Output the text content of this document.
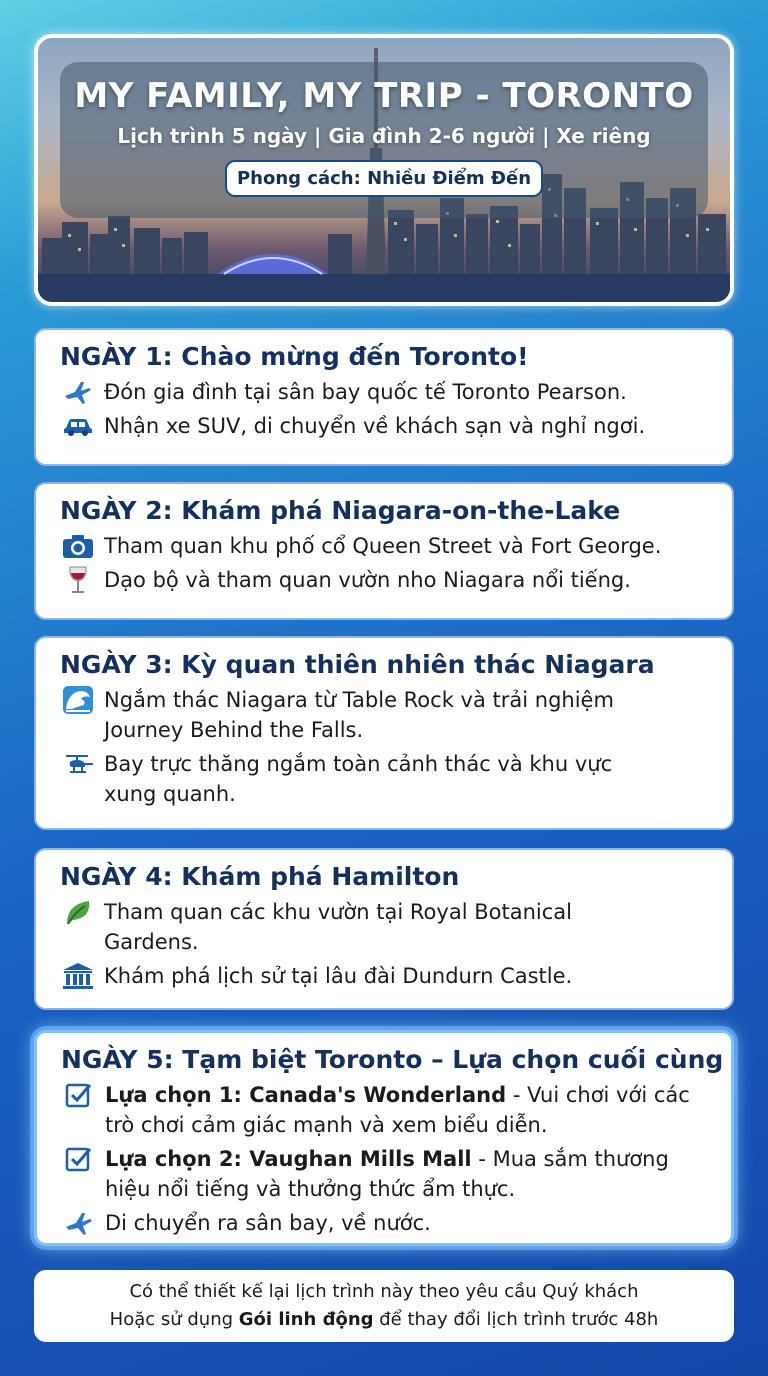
MY FAMILY, MY TRIP - TORONTO
Lịch trình 5 ngày | Gia đình 2-6 người | Xe riêng
Phong cách: Nhiều Điểm Đến
NGÀY 1: Chào mừng đến Toronto!
Đón gia đình tại sân bay quốc tế Toronto Pearson.
Nhận xe SUV, di chuyển về khách sạn và nghỉ ngơi.
NGÀY 2: Khám phá Niagara-on-the-Lake
Tham quan khu phố cổ Queen Street và Fort George.
Dạo bộ và tham quan vườn nho Niagara nổi tiếng.
NGÀY 3: Kỳ quan thiên nhiên thác Niagara
Ngắm thác Niagara từ Table Rock và trải nghiệm
Journey Behind the Falls.
Bay trực thăng ngắm toàn cảnh thác và khu vực
xung quanh.
NGÀY 4: Khám phá Hamilton
Tham quan các khu vườn tại Royal Botanical
Gardens.
Khám phá lịch sử tại lâu đài Dundurn Castle.
NGÀY 5: Tạm biệt Toronto – Lựa chọn cuối cùng
Lựa chọn 1: Canada's Wonderland - Vui chơi với các
trò chơi cảm giác mạnh và xem biểu diễn.
Lựa chọn 2: Vaughan Mills Mall - Mua sắm thương
hiệu nổi tiếng và thưởng thức ẩm thực.
Di chuyển ra sân bay, về nước.
Có thể thiết kế lại lịch trình này theo yêu cầu Quý khách
Hoặc sử dụng Gói linh động để thay đổi lịch trình trước 48h
